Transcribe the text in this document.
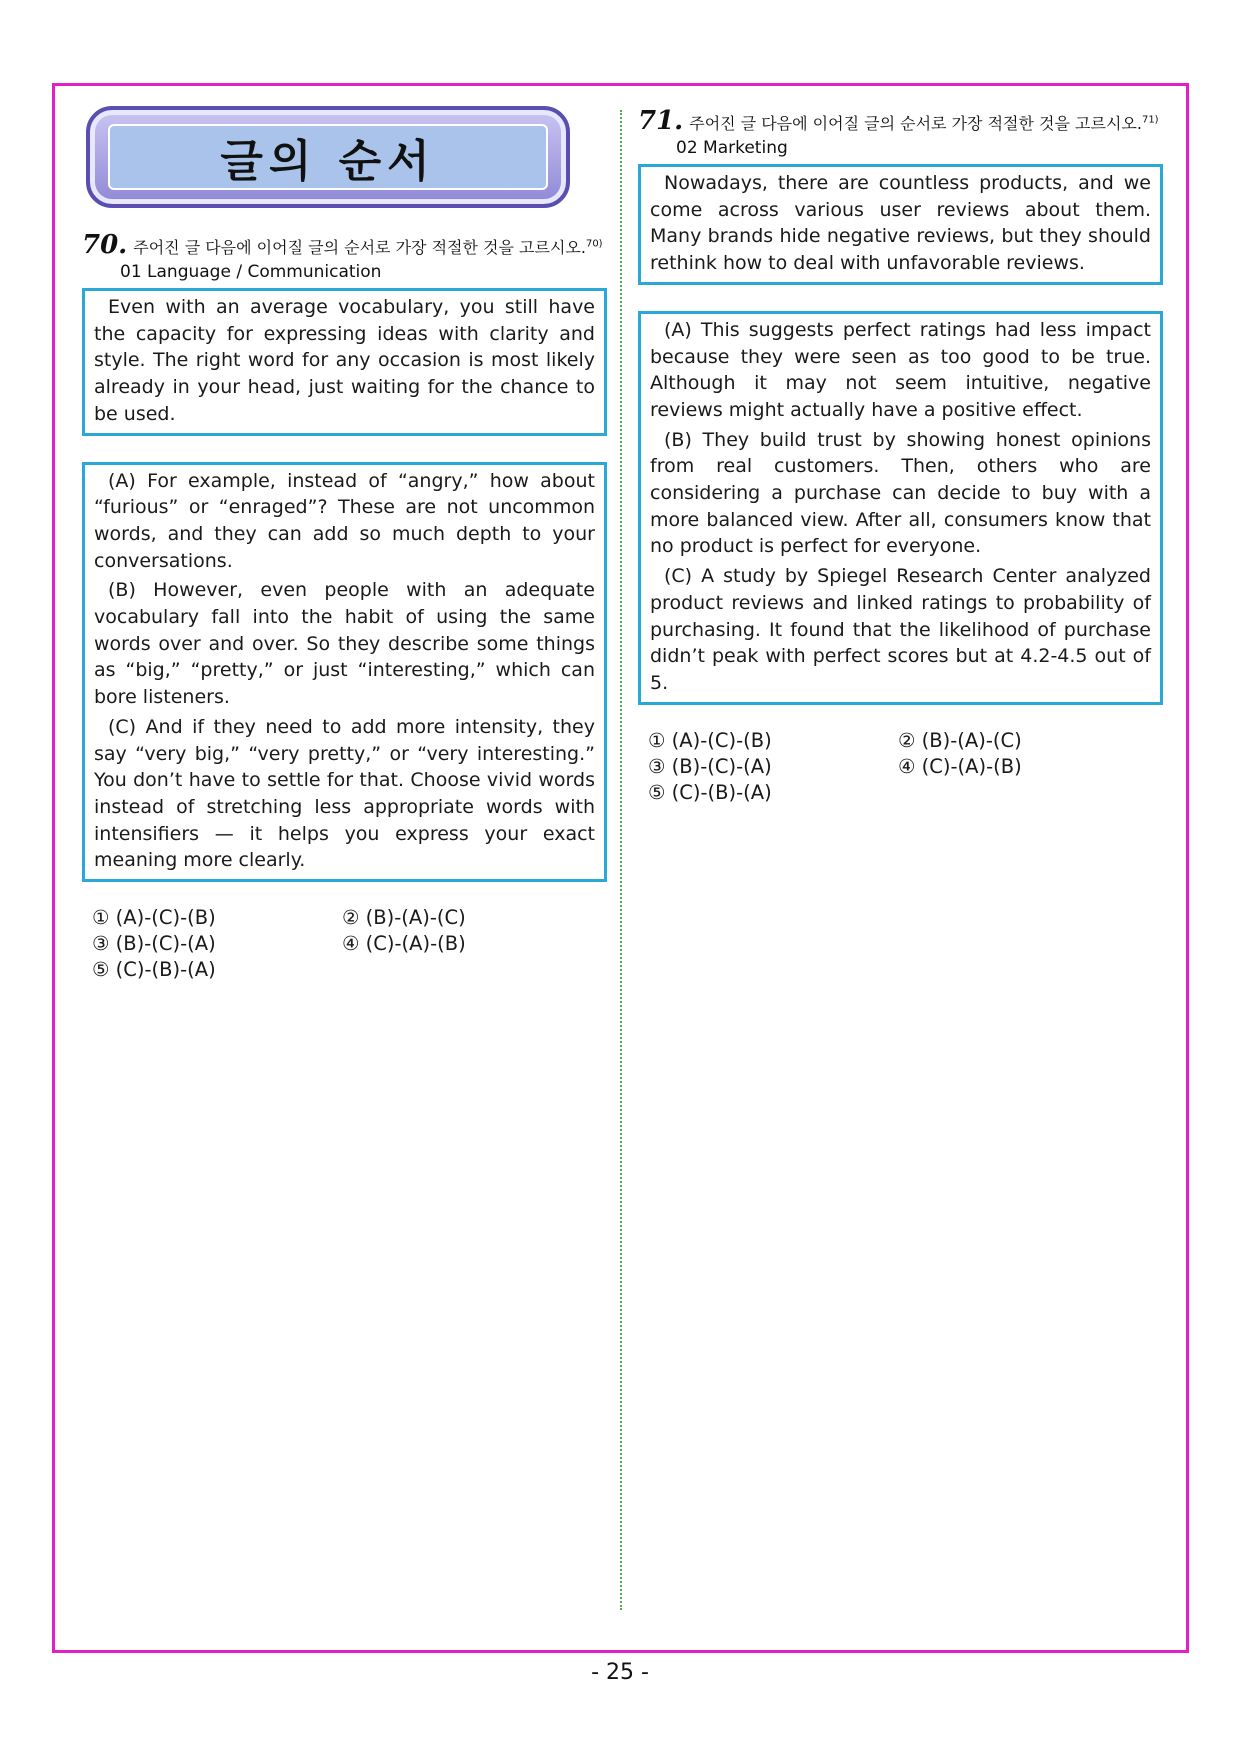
글의 순서
70. 주어진 글 다음에 이어질 글의 순서로 가장 적절한 것을 고르시오.$^{70)}$
01 Language / Communication

Even with an average vocabulary, you still have the capacity for expressing ideas with clarity and style. The right word for any occasion is most likely already in your head, just waiting for the chance to be used.

(A) For example, instead of “angry,” how about “furious” or “enraged”? These are not uncommon words, and they can add so much depth to your conversations.

(B) However, even people with an adequate vocabulary fall into the habit of using the same words over and over. So they describe some things as “big,” “pretty,” or just “interesting,” which can bore listeners.

(C) And if they need to add more intensity, they say “very big,” “very pretty,” or “very interesting.” You don’t have to settle for that. Choose vivid words instead of stretching less appropriate words with intensifiers — it helps you express your exact meaning more clearly.

① (A)-(C)-(B)	② (B)-(A)-(C)
③ (B)-(C)-(A)	④ (C)-(A)-(B)
⑤ (C)-(B)-(A)
71. 주어진 글 다음에 이어질 글의 순서로 가장 적절한 것을 고르시오.$^{71)}$
02 Marketing

Nowadays, there are countless products, and we come across various user reviews about them. Many brands hide negative reviews, but they should rethink how to deal with unfavorable reviews.

(A) This suggests perfect ratings had less impact because they were seen as too good to be true. Although it may not seem intuitive, negative reviews might actually have a positive effect.

(B) They build trust by showing honest opinions from real customers. Then, others who are considering a purchase can decide to buy with a more balanced view. After all, consumers know that no product is perfect for everyone.

(C) A study by Spiegel Research Center analyzed product reviews and linked ratings to probability of purchasing. It found that the likelihood of purchase didn’t peak with perfect scores but at 4.2-4.5 out of 5.

① (A)-(C)-(B)	② (B)-(A)-(C)
③ (B)-(C)-(A)	④ (C)-(A)-(B)
⑤ (C)-(B)-(A)
- 25 -
